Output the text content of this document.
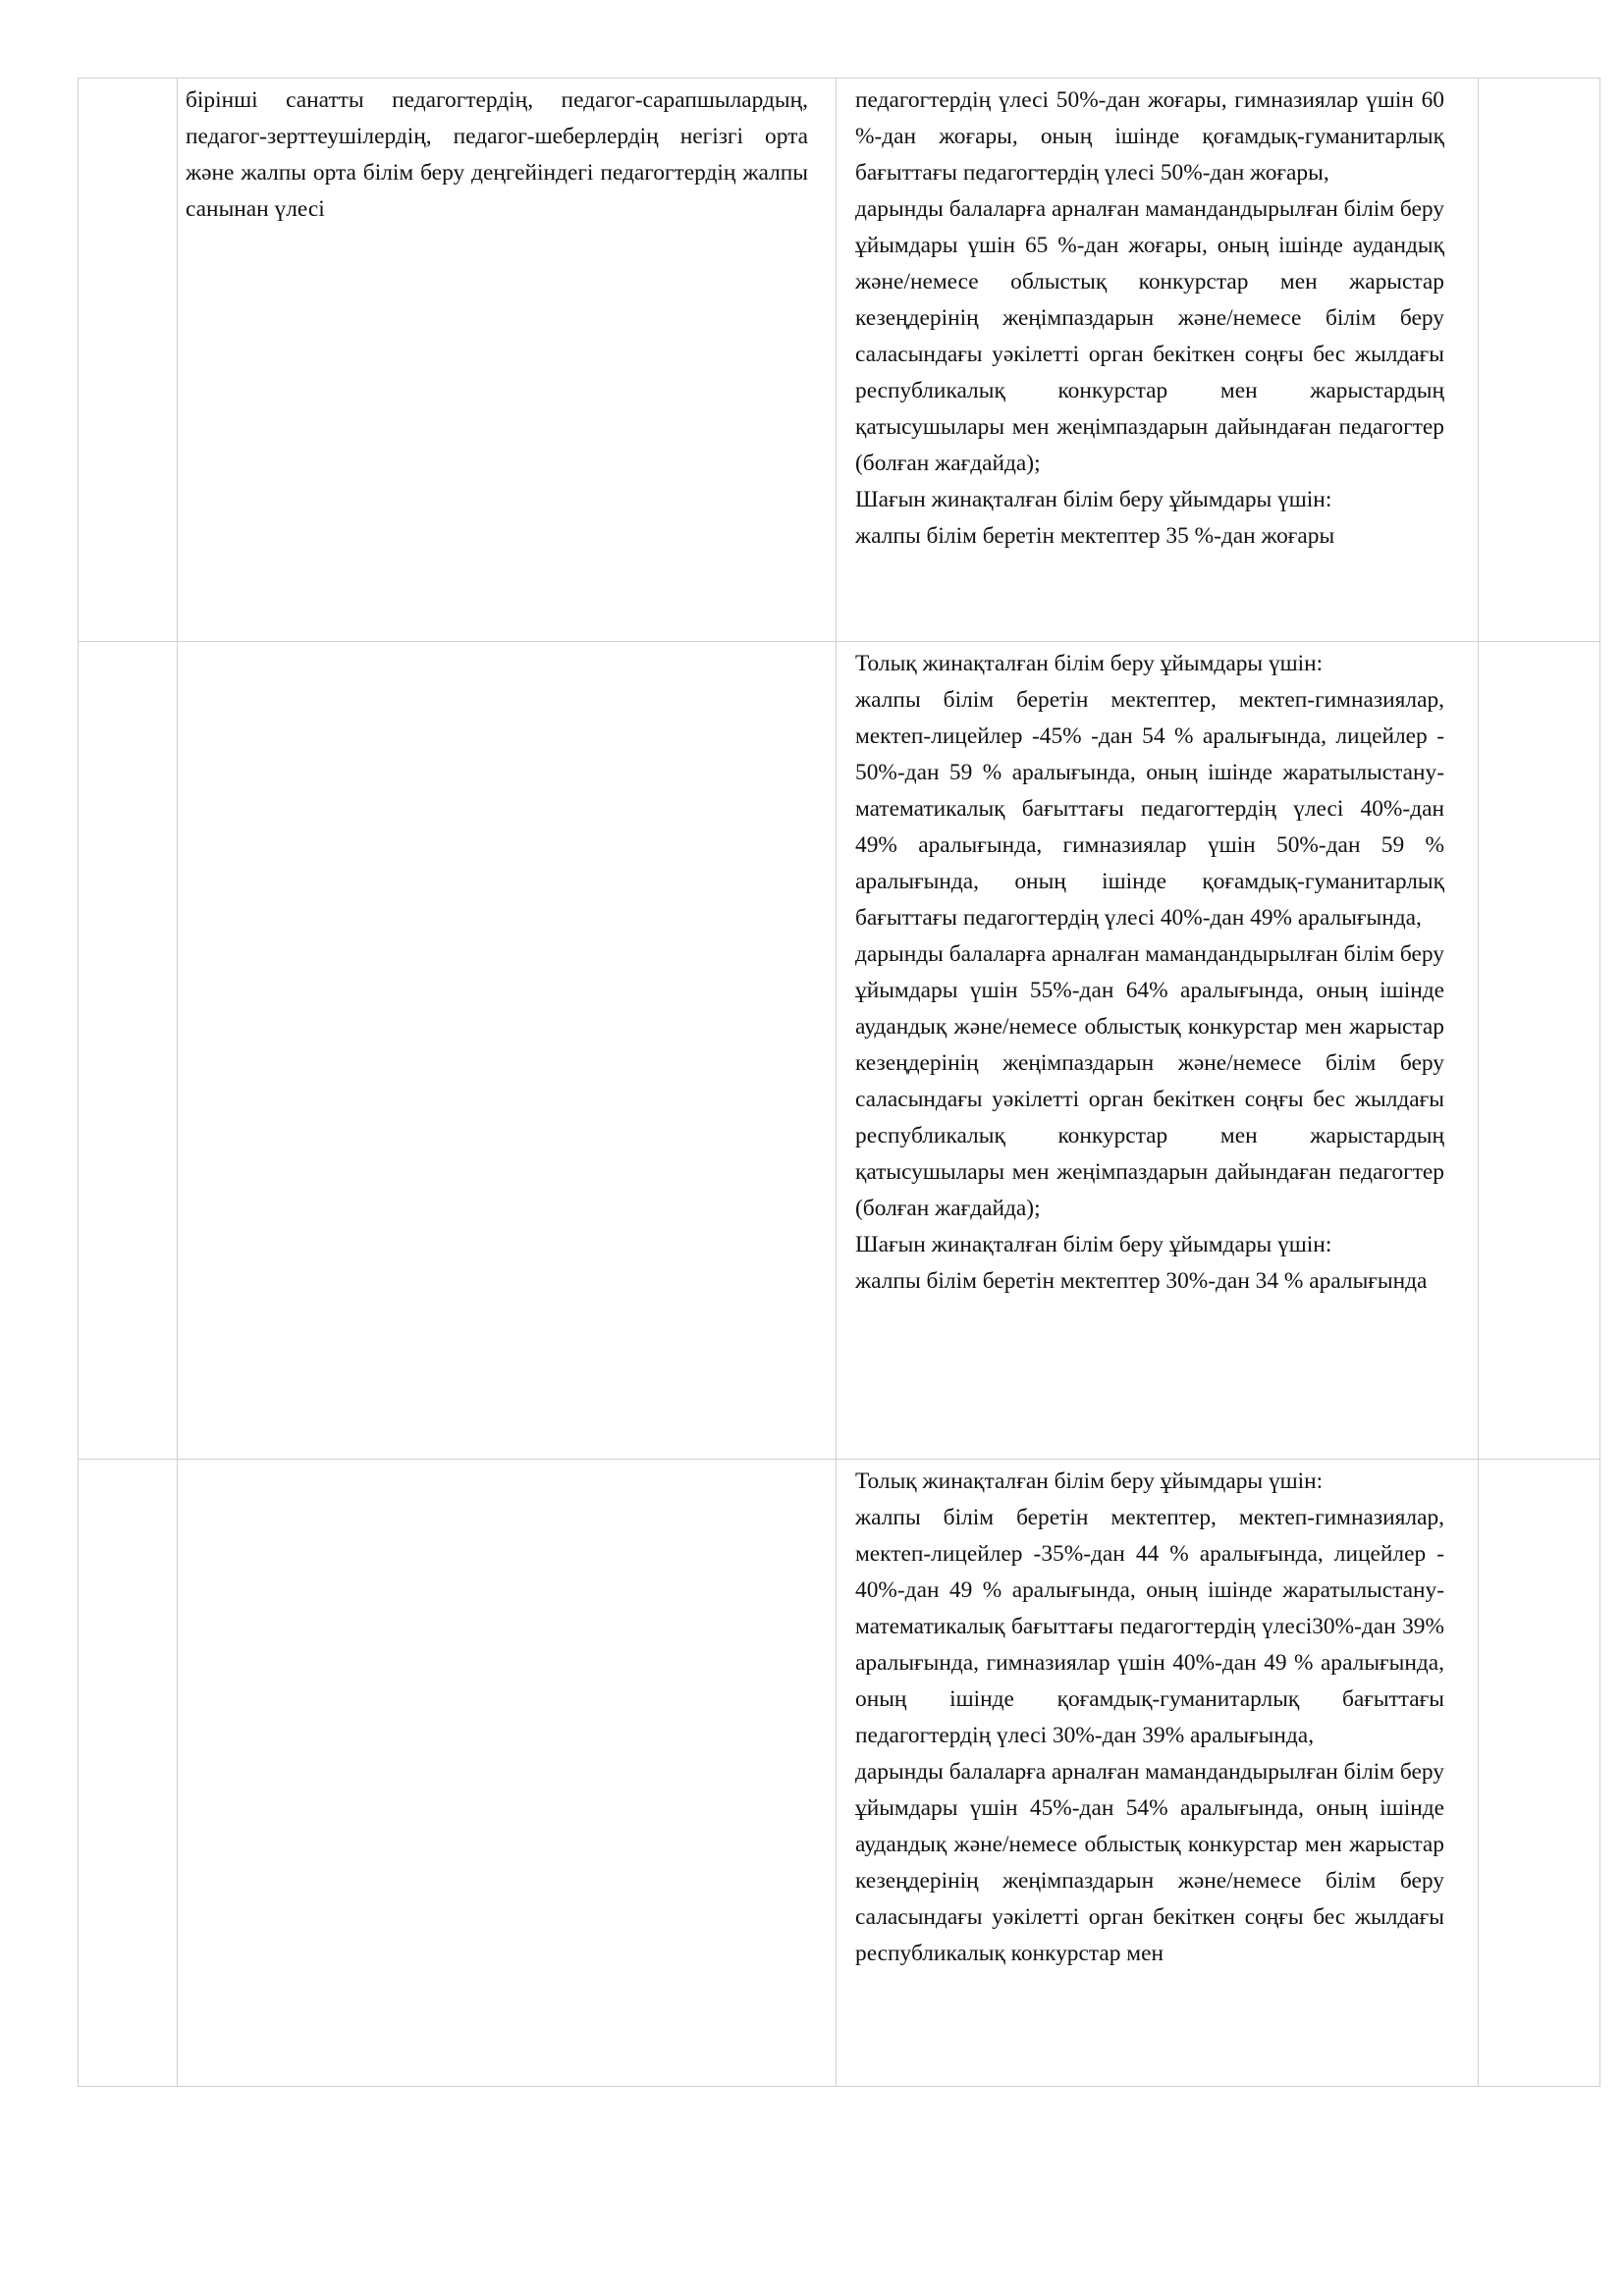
	бірінші санатты педагогтердің, педагог-сарапшылардың, педагог-зерттеушілердің, педагог-шеберлердің негізгі орта және жалпы орта білім беру деңгейіндегі педагогтердің жалпы санынан үлесі	педагогтердің үлесі 50%-дан жоғары, гимназиялар үшін 60 %-дан жоғары, оның ішінде қоғамдық-гуманитарлық бағыттағы педагогтердің үлесі 50%-дан жоғары,

дарынды балаларға арналған мамандандырылған білім беру ұйымдары үшін 65 %-дан жоғары, оның ішінде аудандық және/немесе облыстық конкурстар мен жарыстар кезеңдерінің жеңімпаздарын және/немесе білім беру саласындағы уәкілетті орган бекіткен соңғы бес жылдағы республикалық конкурстар мен жарыстардың қатысушылары мен жеңімпаздарын дайындаған педагогтер (болған жағдайда);

Шағын жинақталған білім беру ұйымдары үшін:

жалпы білім беретін мектептер 35 %-дан жоғары	

		Толық жинақталған білім беру ұйымдары үшін:

жалпы білім беретін мектептер, мектеп-гимназиялар, мектеп-лицейлер -45% -дан 54 % аралығында, лицейлер - 50%-дан 59 % аралығында, оның ішінде жаратылыстану-математикалық бағыттағы педагогтердің үлесі 40%-дан 49% аралығында, гимназиялар үшін 50%-дан 59 % аралығында, оның ішінде қоғамдық-гуманитарлық бағыттағы педагогтердің үлесі 40%-дан 49% аралығында,

дарынды балаларға арналған мамандандырылған білім беру ұйымдары үшін 55%-дан 64% аралығында, оның ішінде аудандық және/немесе облыстық конкурстар мен жарыстар кезеңдерінің жеңімпаздарын және/немесе білім беру саласындағы уәкілетті орган бекіткен соңғы бес жылдағы республикалық конкурстар мен жарыстардың қатысушылары мен жеңімпаздарын дайындаған педагогтер (болған жағдайда);

Шағын жинақталған білім беру ұйымдары үшін:

жалпы білім беретін мектептер 30%-дан 34 % аралығында	

		Толық жинақталған білім беру ұйымдары үшін:

жалпы білім беретін мектептер, мектеп-гимназиялар, мектеп-лицейлер -35%-дан 44 % аралығында, лицейлер - 40%-дан 49 % аралығында, оның ішінде жаратылыстану-математикалық бағыттағы педагогтердің үлесі30%-дан 39% аралығында, гимназиялар үшін 40%-дан 49 % аралығында, оның ішінде қоғамдық-гуманитарлық бағыттағы педагогтердің үлесі 30%-дан 39% аралығында,

дарынды балаларға арналған мамандандырылған білім беру ұйымдары үшін 45%-дан 54% аралығында, оның ішінде аудандық және/немесе облыстық конкурстар мен жарыстар кезеңдерінің жеңімпаздарын және/немесе білім беру саласындағы уәкілетті орган бекіткен соңғы бес жылдағы республикалық конкурстар мен	
